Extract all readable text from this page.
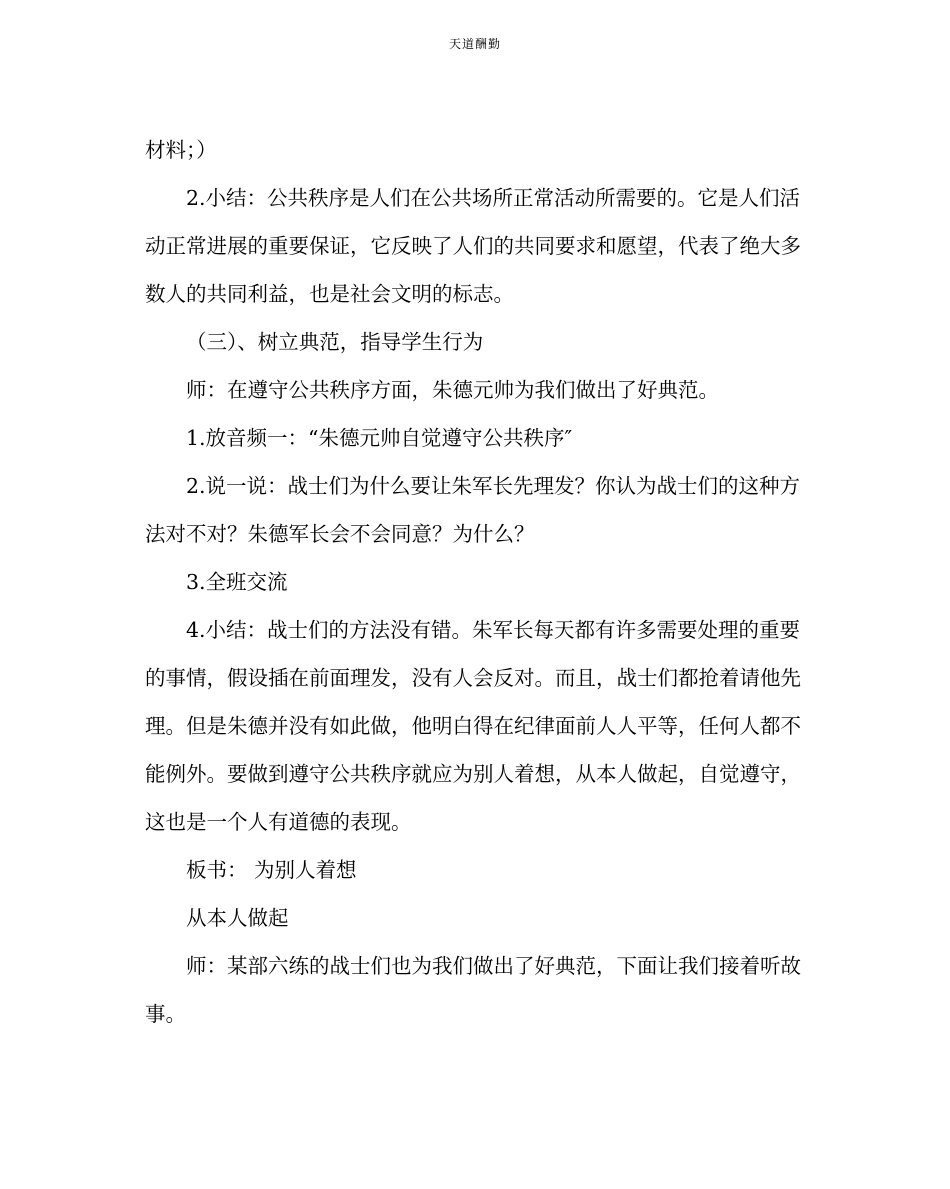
天道酬勤

材料；）

2.小结：公共秩序是人们在公共场所正常活动所需要的。它是人们活动正常进展的重要保证，它反映了人们的共同要求和愿望，代表了绝大多数人的共同利益，也是社会文明的标志。

（三）、树立典范，指导学生行为

师：在遵守公共秩序方面，朱德元帅为我们做出了好典范。

1.放音频一：“朱德元帅自觉遵守公共秩序″

2.说一说：战士们为什么要让朱军长先理发？你认为战士们的这种方法对不对？朱德军长会不会同意？为什么？

3.全班交流

4.小结：战士们的方法没有错。朱军长每天都有许多需要处理的重要的事情，假设插在前面理发，没有人会反对。而且，战士们都抢着请他先理。但是朱德并没有如此做，他明白得在纪律面前人人平等，任何人都不能例外。要做到遵守公共秩序就应为别人着想，从本人做起，自觉遵守，这也是一个人有道德的表现。

板书： 为别人着想

从本人做起

师：某部六练的战士们也为我们做出了好典范，下面让我们接着听故事。
